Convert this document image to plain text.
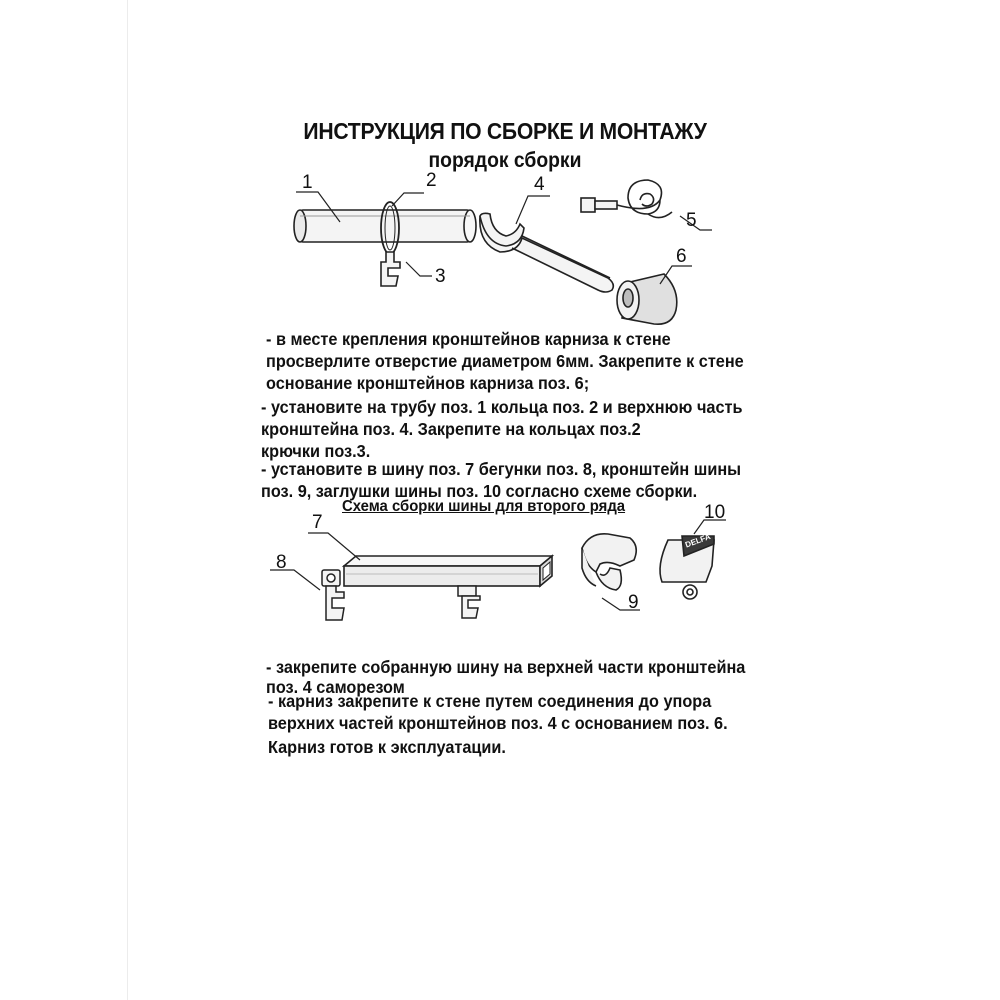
ИНСТРУКЦИЯ ПО СБОРКЕ И МОНТАЖУ
порядок сборки
1	2
3
4
5
6

- в месте крепления кронштейнов карниза к стене
просверлите отверстие диаметром 6мм. Закрепите к стене
основание кронштейнов карниза поз. 6;

- установите на трубу поз. 1 кольца поз. 2 и верхнюю часть
кронштейна поз. 4. Закрепите на кольцах поз.2
крючки поз.3.

- установите в шину поз. 7 бегунки поз. 8, кронштейн шины
поз. 9, заглушки шины поз. 10 согласно схеме сборки.

Схема сборки шины для второго ряда
7
8
9
10
DELFA

- закрепите собранную шину на верхней части кронштейна
поз. 4 саморезом

- карниз закрепите к стене путем соединения до упора
верхних частей кронштейнов поз. 4 с основанием поз. 6.

Карниз готов к эксплуатации.
